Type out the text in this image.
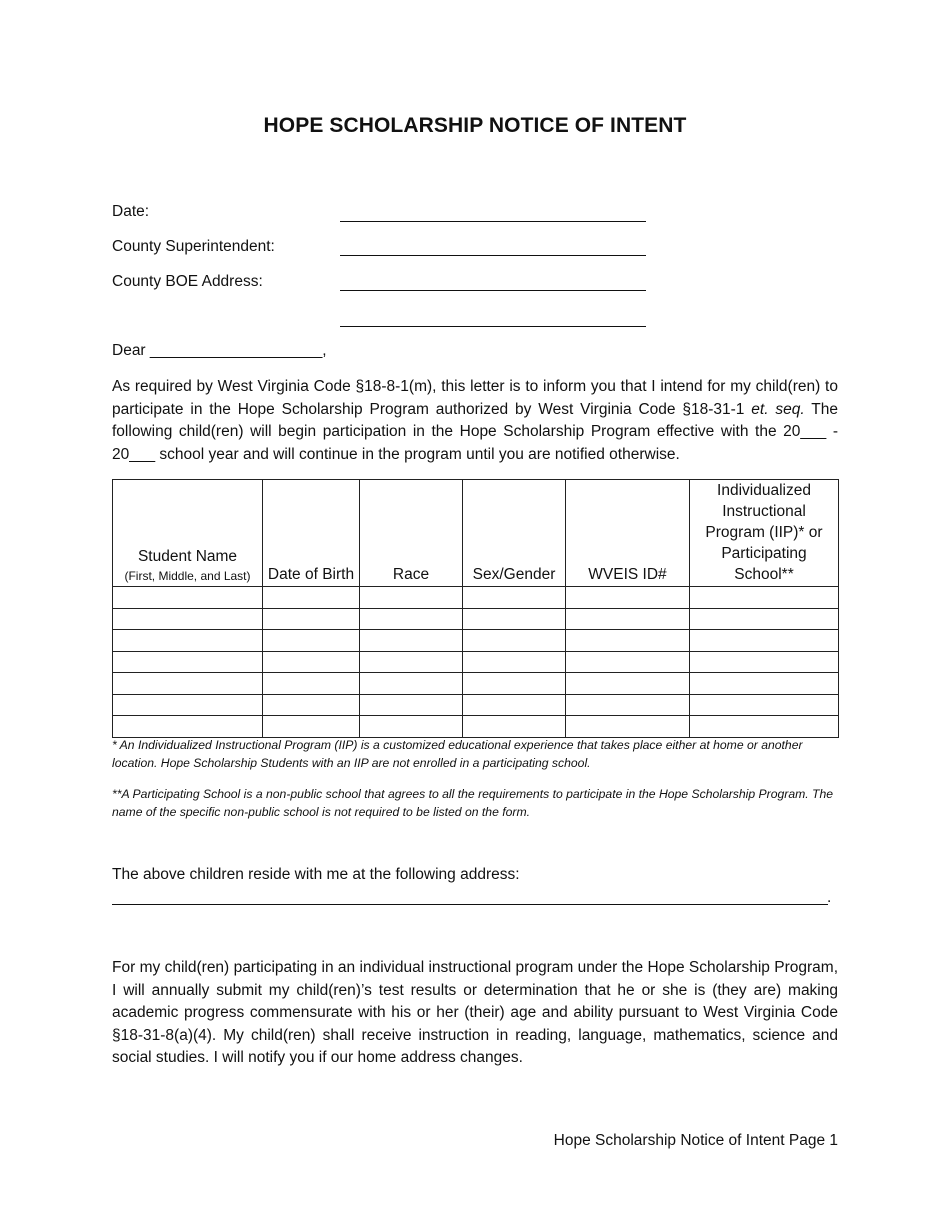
HOPE SCHOLARSHIP NOTICE OF INTENT
Date:
County Superintendent:
County BOE Address:
Dear ____________________,
As required by West Virginia Code §18-8-1(m), this letter is to inform you that I intend for my child(ren) to participate in the Hope Scholarship Program authorized by West Virginia Code §18-31-1 et. seq. The following child(ren) will begin participation in the Hope Scholarship Program effective with the 20___ - 20___ school year and will continue in the program until you are notified otherwise.
Student Name
(First, Middle, and Last)	Date of Birth	Race	Sex/Gender	WVEIS ID#	Individualized Instructional Program (IIP)* or Participating School**

* An Individualized Instructional Program (IIP) is a customized educational experience that takes place either at home or another location. Hope Scholarship Students with an IIP are not enrolled in a participating school.
**A Participating School is a non-public school that agrees to all the requirements to participate in the Hope Scholarship Program. The name of the specific non-public school is not required to be listed on the form.
The above children reside with me at the following address:
.
For my child(ren) participating in an individual instructional program under the Hope Scholarship Program, I will annually submit my child(ren)’s test results or determination that he or she is (they are) making academic progress commensurate with his or her (their) age and ability pursuant to West Virginia Code §18-31-8(a)(4). My child(ren) shall receive instruction in reading, language, mathematics, science and social studies. I will notify you if our home address changes.
Hope Scholarship Notice of Intent Page 1
